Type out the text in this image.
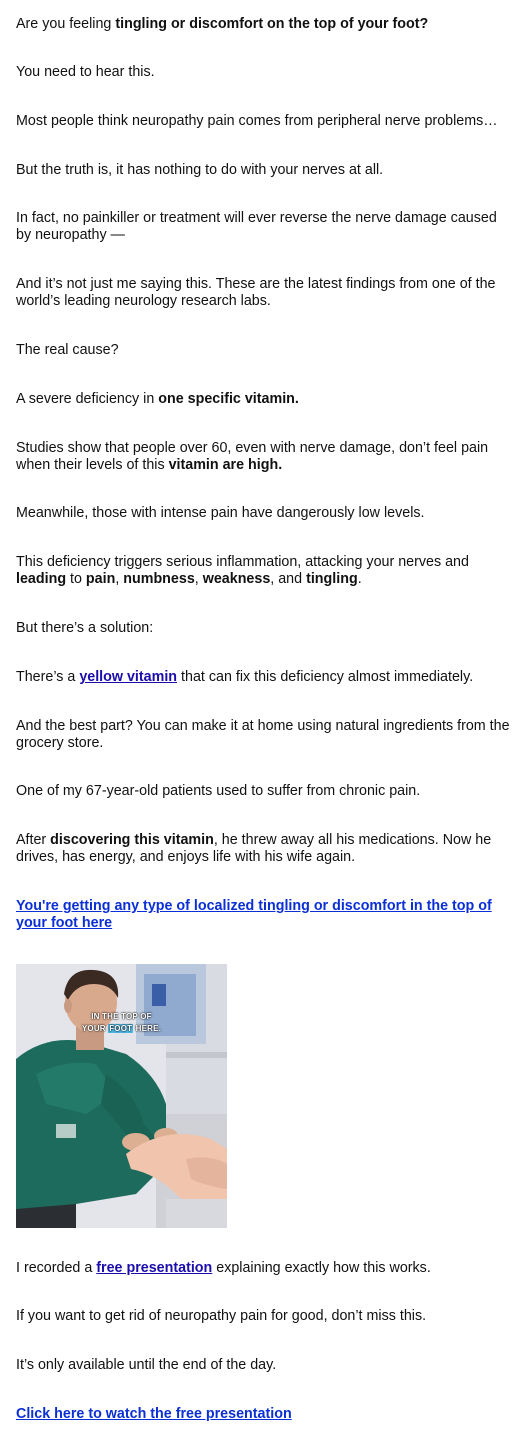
Are you feeling tingling or discomfort on the top of your foot?

You need to hear this.

Most people think neuropathy pain comes from peripheral nerve problems…

But the truth is, it has nothing to do with your nerves at all.

In fact, no painkiller or treatment will ever reverse the nerve damage caused by neuropathy —

And it’s not just me saying this. These are the latest findings from one of the world’s leading neurology research labs.

The real cause?

A severe deficiency in one specific vitamin.

Studies show that people over 60, even with nerve damage, don’t feel pain when their levels of this vitamin are high.

Meanwhile, those with intense pain have dangerously low levels.

This deficiency triggers serious inflammation, attacking your nerves and leading to pain, numbness, weakness, and tingling.

But there’s a solution:

There’s a yellow vitamin that can fix this deficiency almost immediately.

And the best part? You can make it at home using natural ingredients from the grocery store.

One of my 67-year-old patients used to suffer from chronic pain.

After discovering this vitamin, he threw away all his medications. Now he drives, has energy, and enjoys life with his wife again.

You're getting any type of localized tingling or discomfort in the top of your foot here

IN THE TOP OF
YOUR FOOT HERE.

I recorded a free presentation explaining exactly how this works.

If you want to get rid of neuropathy pain for good, don’t miss this.

It’s only available until the end of the day.

Click here to watch the free presentation
